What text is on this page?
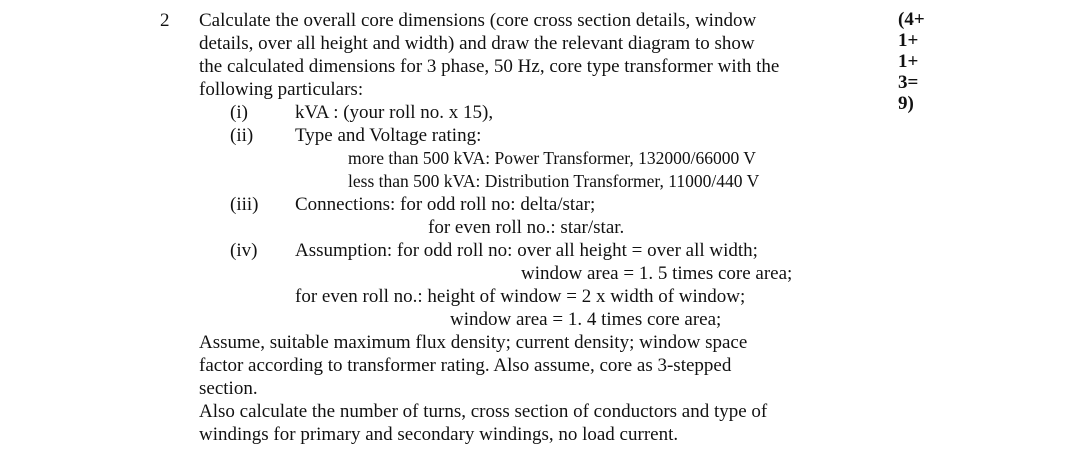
2	(4+
1+
1+
3=
9)
Calculate the overall core dimensions (core cross section details, window
details, over all height and width) and draw the relevant diagram to show
the calculated dimensions for 3 phase, 50 Hz, core type transformer with the
following particulars:
(i)	kVA : (your roll no. x 15),
(ii)	Type and Voltage rating:
more than 500 kVA: Power Transformer, 132000/66000 V
less than 500 kVA: Distribution Transformer, 11000/440 V
(iii)	Connections: for odd roll no: delta/star;
for even roll no.: star/star.
(iv)	Assumption: for odd roll no: over all height = over all width;
window area = 1. 5 times core area;
for even roll no.: height of window = 2 x width of window;
window area = 1. 4 times core area;
Assume, suitable maximum flux density; current density; window space
factor according to transformer rating. Also assume, core as 3-stepped
section.
Also calculate the number of turns, cross section of conductors and type of
windings for primary and secondary windings, no load current.
